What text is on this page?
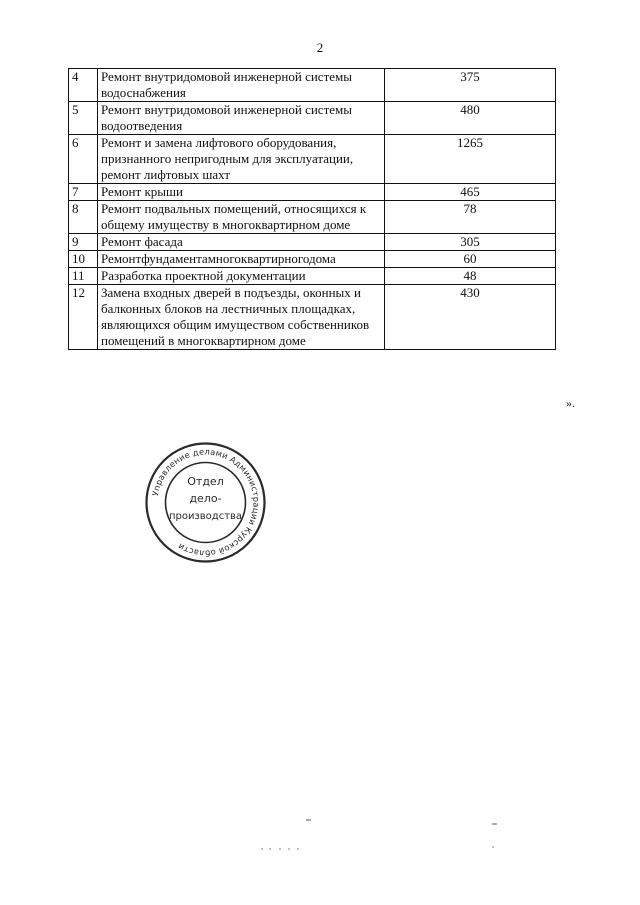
2
4	Ремонт внутридомовой инженерной системы водоснабжения	375
5	Ремонт внутридомовой инженерной системы водоотведения	480
6	Ремонт и замена лифтового оборудования, признанного непригодным для эксплуатации, ремонт лифтовых шахт	1265
7	Ремонт крыши	465
8	Ремонт подвальных помещений, относящихся к общему имуществу в многоквартирном доме	78
9	Ремонт фасада	305
10	Ремонтфундаментамногоквартирногодома	60
11	Разработка проектной документации	48
12	Замена входных дверей в подъезды, оконных и балконных блоков на лестничных площадках, являющихся общим имуществом собственников помещений в многоквартирном доме	430
».
Управление делами Администрации Курской области
Отдел
дело-
производства
